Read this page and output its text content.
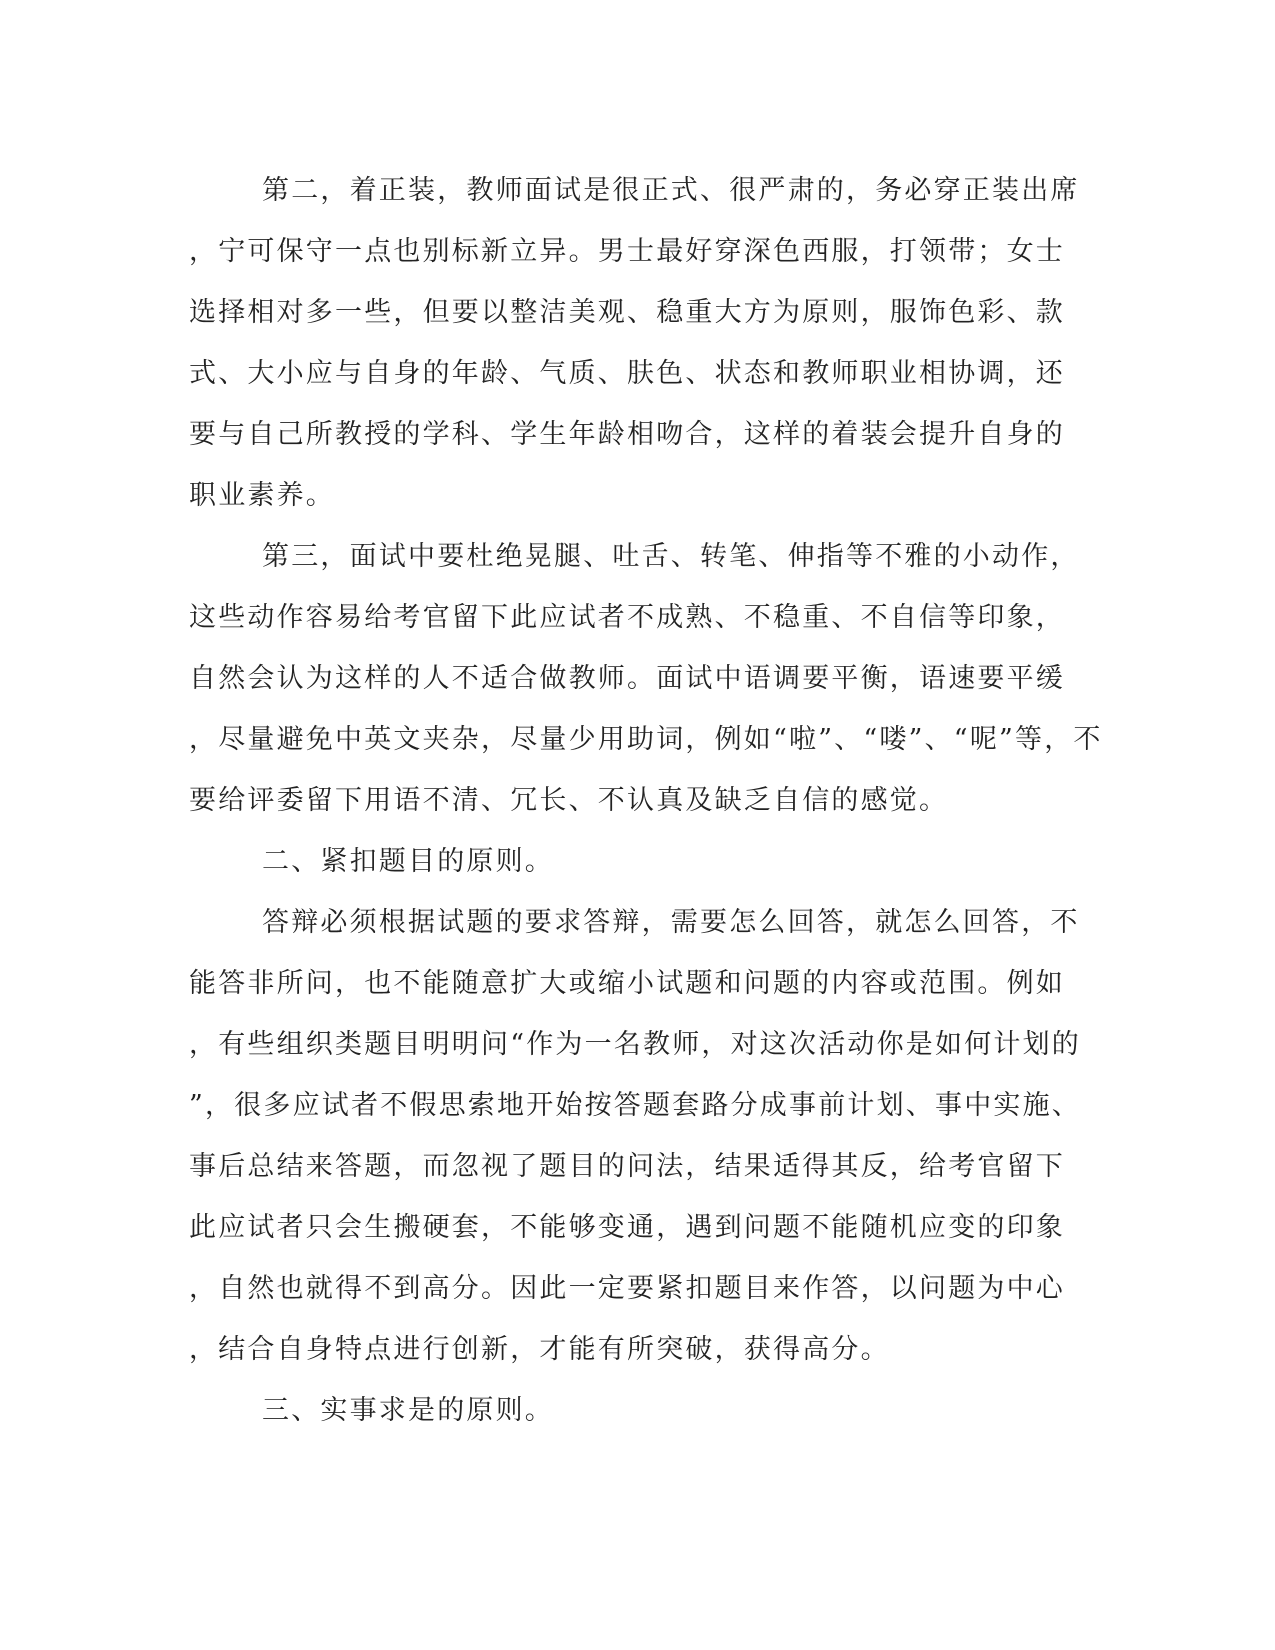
第二，着正装，教师面试是很正式、很严肃的，务必穿正装出席
，宁可保守一点也别标新立异。男士最好穿深色西服，打领带；女士
选择相对多一些，但要以整洁美观、稳重大方为原则，服饰色彩、款
式、大小应与自身的年龄、气质、肤色、状态和教师职业相协调，还
要与自己所教授的学科、学生年龄相吻合，这样的着装会提升自身的
职业素养。
第三，面试中要杜绝晃腿、吐舌、转笔、伸指等不雅的小动作，
这些动作容易给考官留下此应试者不成熟、不稳重、不自信等印象，
自然会认为这样的人不适合做教师。面试中语调要平衡，语速要平缓
，尽量避免中英文夹杂，尽量少用助词，例如“啦”、“喽”、“呢”等，不
要给评委留下用语不清、冗长、不认真及缺乏自信的感觉。
二、紧扣题目的原则。
答辩必须根据试题的要求答辩，需要怎么回答，就怎么回答，不
能答非所问，也不能随意扩大或缩小试题和问题的内容或范围。例如
，有些组织类题目明明问“作为一名教师，对这次活动你是如何计划的
”，很多应试者不假思索地开始按答题套路分成事前计划、事中实施、
事后总结来答题，而忽视了题目的问法，结果适得其反，给考官留下
此应试者只会生搬硬套，不能够变通，遇到问题不能随机应变的印象
，自然也就得不到高分。因此一定要紧扣题目来作答，以问题为中心
，结合自身特点进行创新，才能有所突破，获得高分。
三、实事求是的原则。
